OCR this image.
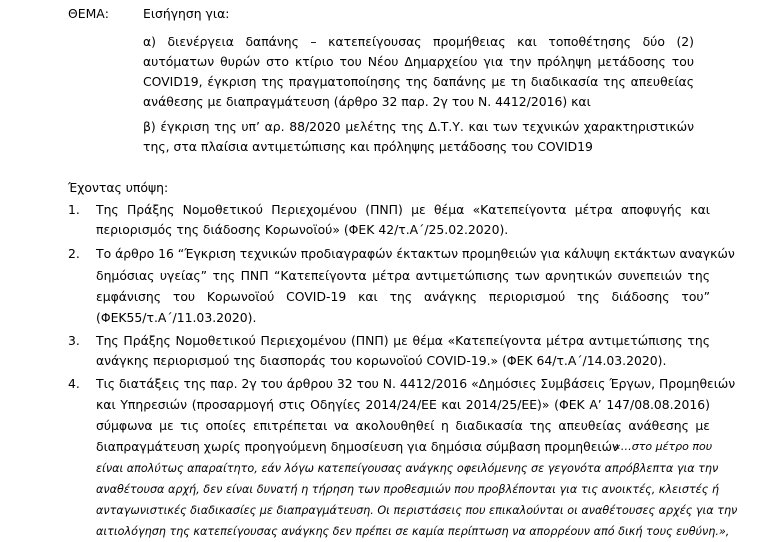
ΘΕΜΑ:	Εισήγηση για:
α) διενέργεια δαπάνης – κατεπείγουσας προμήθειας και τοποθέτησης δύο (2)
αυτόματων θυρών στο κτίριο του Νέου Δημαρχείου για την πρόληψη μετάδοσης του
COVID19, έγκριση της πραγματοποίησης της δαπάνης με τη διαδικασία της απευθείας
ανάθεσης με διαπραγμάτευση (άρθρο 32 παρ. 2γ του Ν. 4412/2016) και
β) έγκριση της υπ’ αρ. 88/2020 μελέτης της Δ.Τ.Υ. και των τεχνικών χαρακτηριστικών
της, στα πλαίσια αντιμετώπισης και πρόληψης μετάδοσης του COVID19
Έχοντας υπόψη:
1. Της Πράξης Νομοθετικού Περιεχομένου (ΠΝΠ) με θέμα «Κατεπείγοντα μέτρα αποφυγής και
περιορισμός της διάδοσης Κορωνοϊού» (ΦΕΚ 42/τ.Α΄/25.02.2020).
2. Το άρθρο 16 “Έγκριση τεχνικών προδιαγραφών έκτακτων προμηθειών για κάλυψη εκτάκτων αναγκών
δημόσιας υγείας” της ΠΝΠ “Κατεπείγοντα μέτρα αντιμετώπισης των αρνητικών συνεπειών της
εμφάνισης του Κορωνοϊού COVID-19 και της ανάγκης περιορισμού της διάδοσης του”
(ΦΕΚ55/τ.Α΄/11.03.2020).
3. Της Πράξης Νομοθετικού Περιεχομένου (ΠΝΠ) με θέμα «Κατεπείγοντα μέτρα αντιμετώπισης της
ανάγκης περιορισμού της διασποράς του κορωνοϊού COVID-19.» (ΦΕΚ 64/τ.Α΄/14.03.2020).
4. Τις διατάξεις της παρ. 2γ του άρθρου 32 του Ν. 4412/2016 «Δημόσιες Συμβάσεις Έργων, Προμηθειών
και Υπηρεσιών (προσαρμογή στις Οδηγίες 2014/24/ΕΕ και 2014/25/ΕΕ)» (ΦΕΚ Α’ 147/08.08.2016)
σύμφωνα με τις οποίες επιτρέπεται να ακολουθηθεί η διαδικασία της απευθείας ανάθεσης με
διαπραγμάτευση χωρίς προηγούμενη δημοσίευση για δημόσια σύμβαση προμηθειών
«…στο μέτρο που
είναι απολύτως απαραίτητο, εάν λόγω κατεπείγουσας ανάγκης οφειλόμενης σε γεγονότα απρόβλεπτα για την
αναθέτουσα αρχή, δεν είναι δυνατή η τήρηση των προθεσμιών που προβλέπονται για τις ανοικτές, κλειστές ή
ανταγωνιστικές διαδικασίες με διαπραγμάτευση. Οι περιστάσεις που επικαλούνται οι αναθέτουσες αρχές για την
αιτιολόγηση της κατεπείγουσας ανάγκης δεν πρέπει σε καμία περίπτωση να απορρέουν από δική τους ευθύνη.»,
